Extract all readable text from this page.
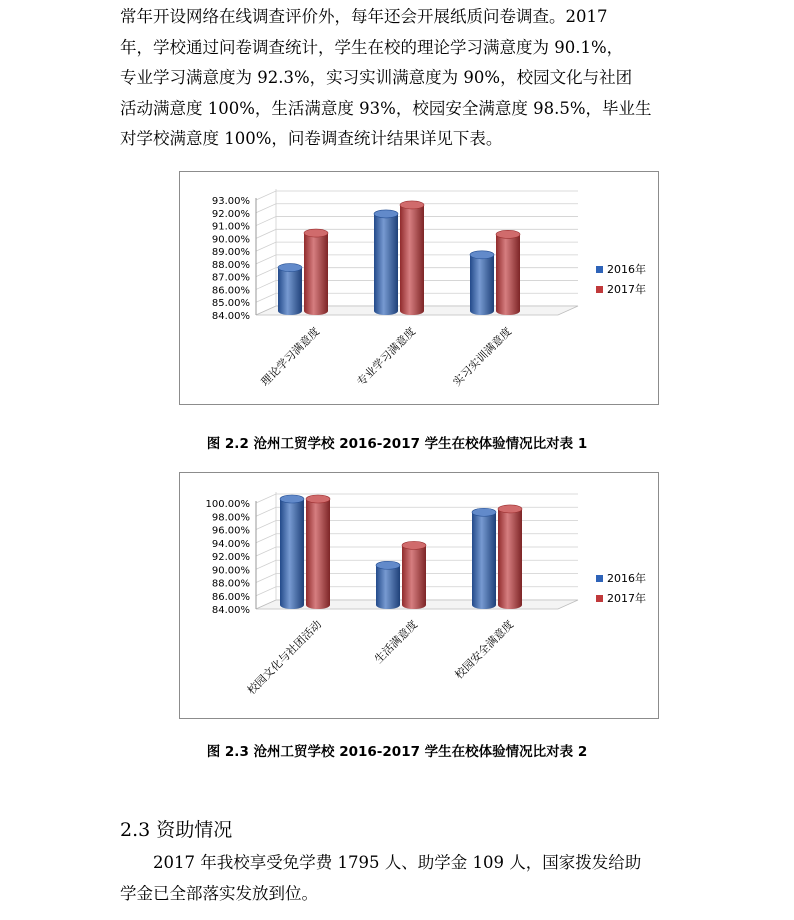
常年开设网络在线调查评价外，每年还会开展纸质问卷调查。2017

年，学校通过问卷调查统计，学生在校的理论学习满意度为 90.1%，

专业学习满意度为 92.3%，实习实训满意度为 90%，校园文化与社团

活动满意度 100%，生活满意度 93%，校园安全满意度 98.5%，毕业生

对学校满意度 100%，问卷调查统计结果详见下表。

84.00%
85.00%
86.00%
87.00%
88.00%
89.00%
90.00%
91.00%
92.00%
93.00%
理论学习满意度	专业学习满意度	实习实训满意度
2016年
2017年
图 2.2 沧州工贸学校 2016-2017 学生在校体验情况比对表 1
84.00%
86.00%
88.00%
90.00%
92.00%
94.00%
96.00%
98.00%
100.00%
校园文化与社团活动	生活满意度	校园安全满意度
2016年
2017年
图 2.3 沧州工贸学校 2016-2017 学生在校体验情况比对表 2
2.3 资助情况

2017 年我校享受免学费 1795 人、助学金 109 人，国家拨发给助

学金已全部落实发放到位。
